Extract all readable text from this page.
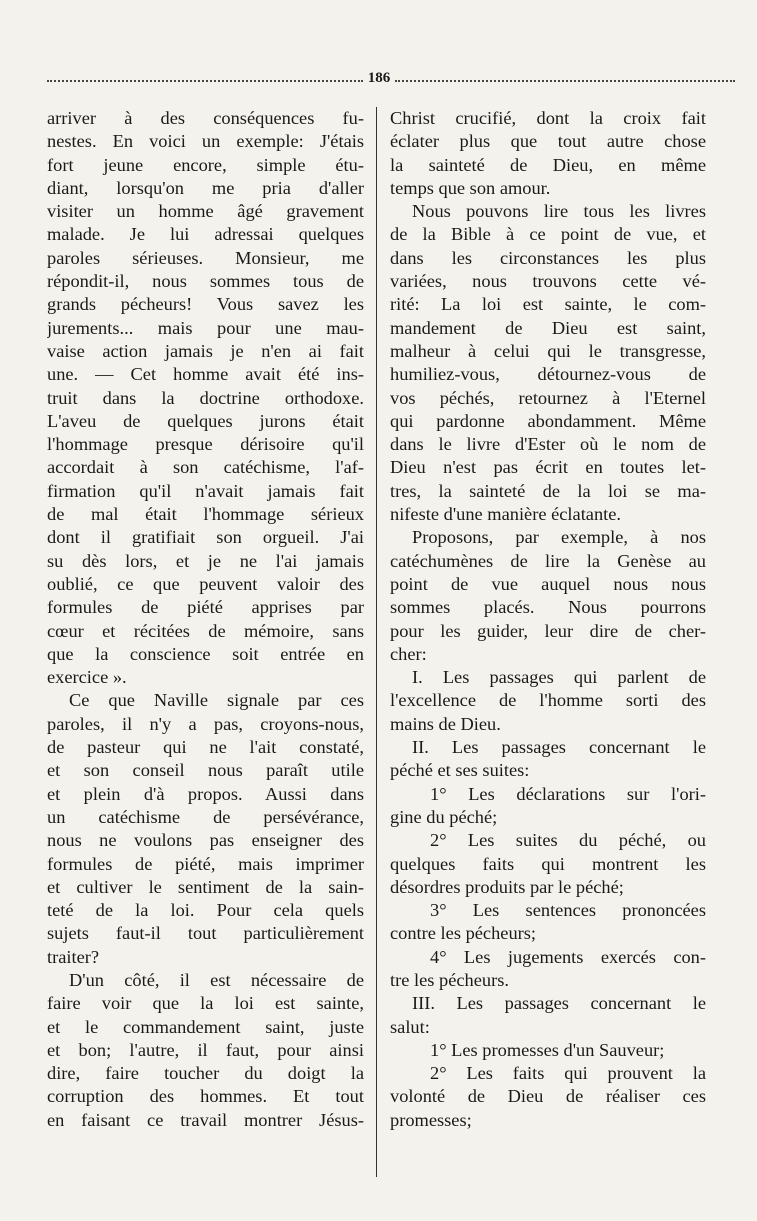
186
arriver à des conséquences fu-
nestes. En voici un exemple: J'étais
fort jeune encore, simple étu-
diant, lorsqu'on me pria d'aller
visiter un homme âgé gravement
malade. Je lui adressai quelques
paroles sérieuses. Monsieur, me
répondit-il, nous sommes tous de
grands pécheurs! Vous savez les
jurements... mais pour une mau-
vaise action jamais je n'en ai fait
une. — Cet homme avait été ins-
truit dans la doctrine orthodoxe.
L'aveu de quelques jurons était
l'hommage presque dérisoire qu'il
accordait à son catéchisme, l'af-
firmation qu'il n'avait jamais fait
de mal était l'hommage sérieux
dont il gratifiait son orgueil. J'ai
su dès lors, et je ne l'ai jamais
oublié, ce que peuvent valoir des
formules de piété apprises par
cœur et récitées de mémoire, sans
que la conscience soit entrée en
exercice ».
Ce que Naville signale par ces
paroles, il n'y a pas, croyons-nous,
de pasteur qui ne l'ait constaté,
et son conseil nous paraît utile
et plein d'à propos. Aussi dans
un catéchisme de persévérance,
nous ne voulons pas enseigner des
formules de piété, mais imprimer
et cultiver le sentiment de la sain-
teté de la loi. Pour cela quels
sujets faut-il tout particulièrement
traiter?
D'un côté, il est nécessaire de
faire voir que la loi est sainte,
et le commandement saint, juste
et bon; l'autre, il faut, pour ainsi
dire, faire toucher du doigt la
corruption des hommes. Et tout
en faisant ce travail montrer Jésus-
Christ crucifié, dont la croix fait
éclater plus que tout autre chose
la sainteté de Dieu, en même
temps que son amour.
Nous pouvons lire tous les livres
de la Bible à ce point de vue, et
dans les circonstances les plus
variées, nous trouvons cette vé-
rité: La loi est sainte, le com-
mandement de Dieu est saint,
malheur à celui qui le transgresse,
humiliez-vous, détournez-vous de
vos péchés, retournez à l'Eternel
qui pardonne abondamment. Même
dans le livre d'Ester où le nom de
Dieu n'est pas écrit en toutes let-
tres, la sainteté de la loi se ma-
nifeste d'une manière éclatante.
Proposons, par exemple, à nos
catéchumènes de lire la Genèse au
point de vue auquel nous nous
sommes placés. Nous pourrons
pour les guider, leur dire de cher-
cher:
I. Les passages qui parlent de
l'excellence de l'homme sorti des
mains de Dieu.
II. Les passages concernant le
péché et ses suites:
1° Les déclarations sur l'ori-
gine du péché;
2° Les suites du péché, ou
quelques faits qui montrent les
désordres produits par le péché;
3° Les sentences prononcées
contre les pécheurs;
4° Les jugements exercés con-
tre les pécheurs.
III. Les passages concernant le
salut:
1° Les promesses d'un Sauveur;
2° Les faits qui prouvent la
volonté de Dieu de réaliser ces
promesses;
